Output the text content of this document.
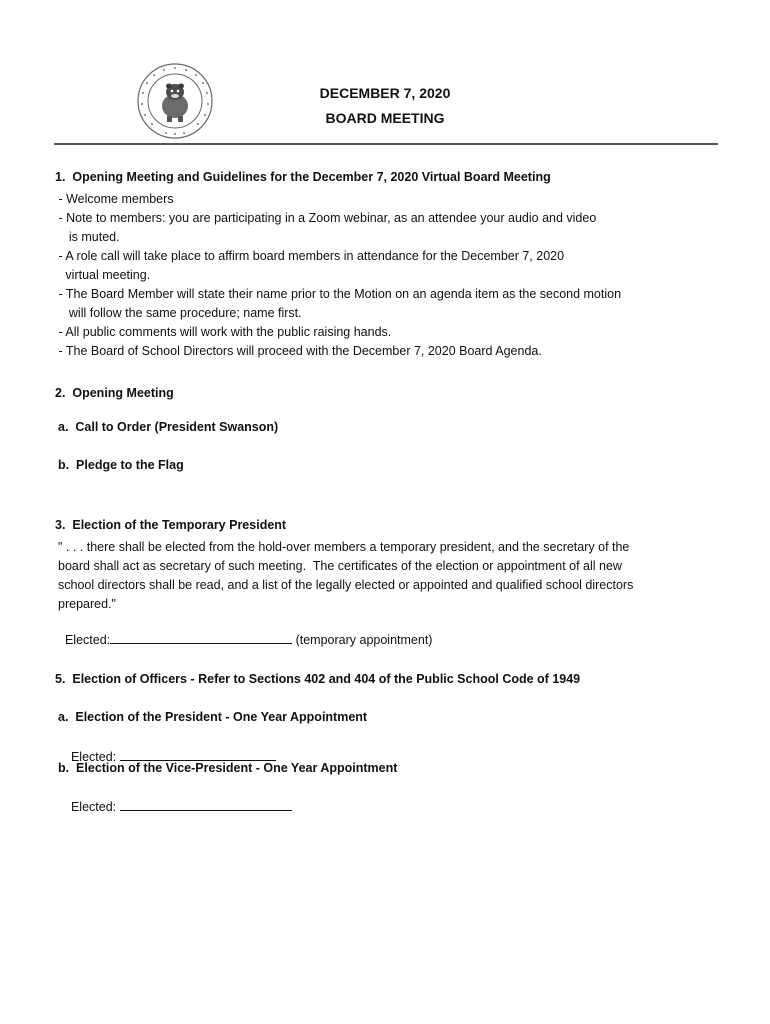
DECEMBER 7, 2020
BOARD MEETING
1.  Opening Meeting and Guidelines for the December 7, 2020 Virtual Board Meeting
- Welcome members
- Note to members: you are participating in a Zoom webinar, as an attendee your audio and video
is muted.
- A role call will take place to affirm board members in attendance for the December 7, 2020
virtual meeting.
- The Board Member will state their name prior to the Motion on an agenda item as the second motion
will follow the same procedure; name first.
- All public comments will work with the public raising hands.
- The Board of School Directors will proceed with the December 7, 2020 Board Agenda.
2.  Opening Meeting
a.  Call to Order (President Swanson)
b.  Pledge to the Flag
3.  Election of the Temporary President
" . . . there shall be elected from the hold-over members a temporary president, and the secretary of the
board shall act as secretary of such meeting.  The certificates of the election or appointment of all new
school directors shall be read, and a list of the legally elected or appointed and qualified school directors
prepared."

Elected:	(temporary appointment)

5.  Election of Officers - Refer to Sections 402 and 404 of the Public School Code of 1949
a.  Election of the President - One Year Appointment

Elected:

b.  Election of the Vice-President - One Year Appointment

Elected:
